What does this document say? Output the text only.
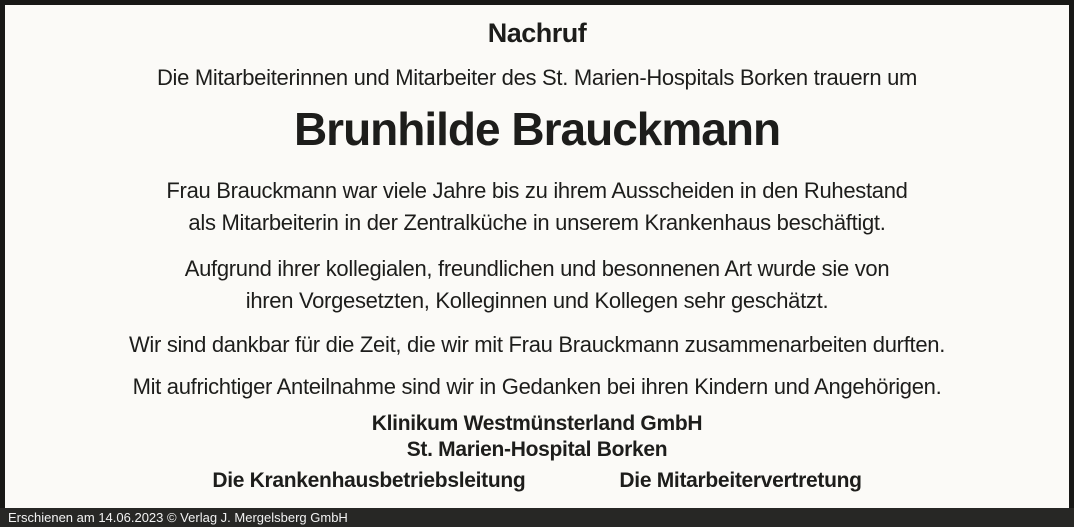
Nachruf
Die Mitarbeiterinnen und Mitarbeiter des St. Marien-Hospitals Borken trauern um
Brunhilde Brauckmann
Frau Brauckmann war viele Jahre bis zu ihrem Ausscheiden in den Ruhestand
als Mitarbeiterin in der Zentralküche in unserem Krankenhaus beschäftigt.
Aufgrund ihrer kollegialen, freundlichen und besonnenen Art wurde sie von
ihren Vorgesetzten, Kolleginnen und Kollegen sehr geschätzt.
Wir sind dankbar für die Zeit, die wir mit Frau Brauckmann zusammenarbeiten durften.
Mit aufrichtiger Anteilnahme sind wir in Gedanken bei ihren Kindern und Angehörigen.
Klinikum Westmünsterland GmbH
St. Marien-Hospital Borken
Die Krankenhausbetriebsleitung	Die Mitarbeitervertretung
Erschienen am 14.06.2023 © Verlag J. Mergelsberg GmbH
